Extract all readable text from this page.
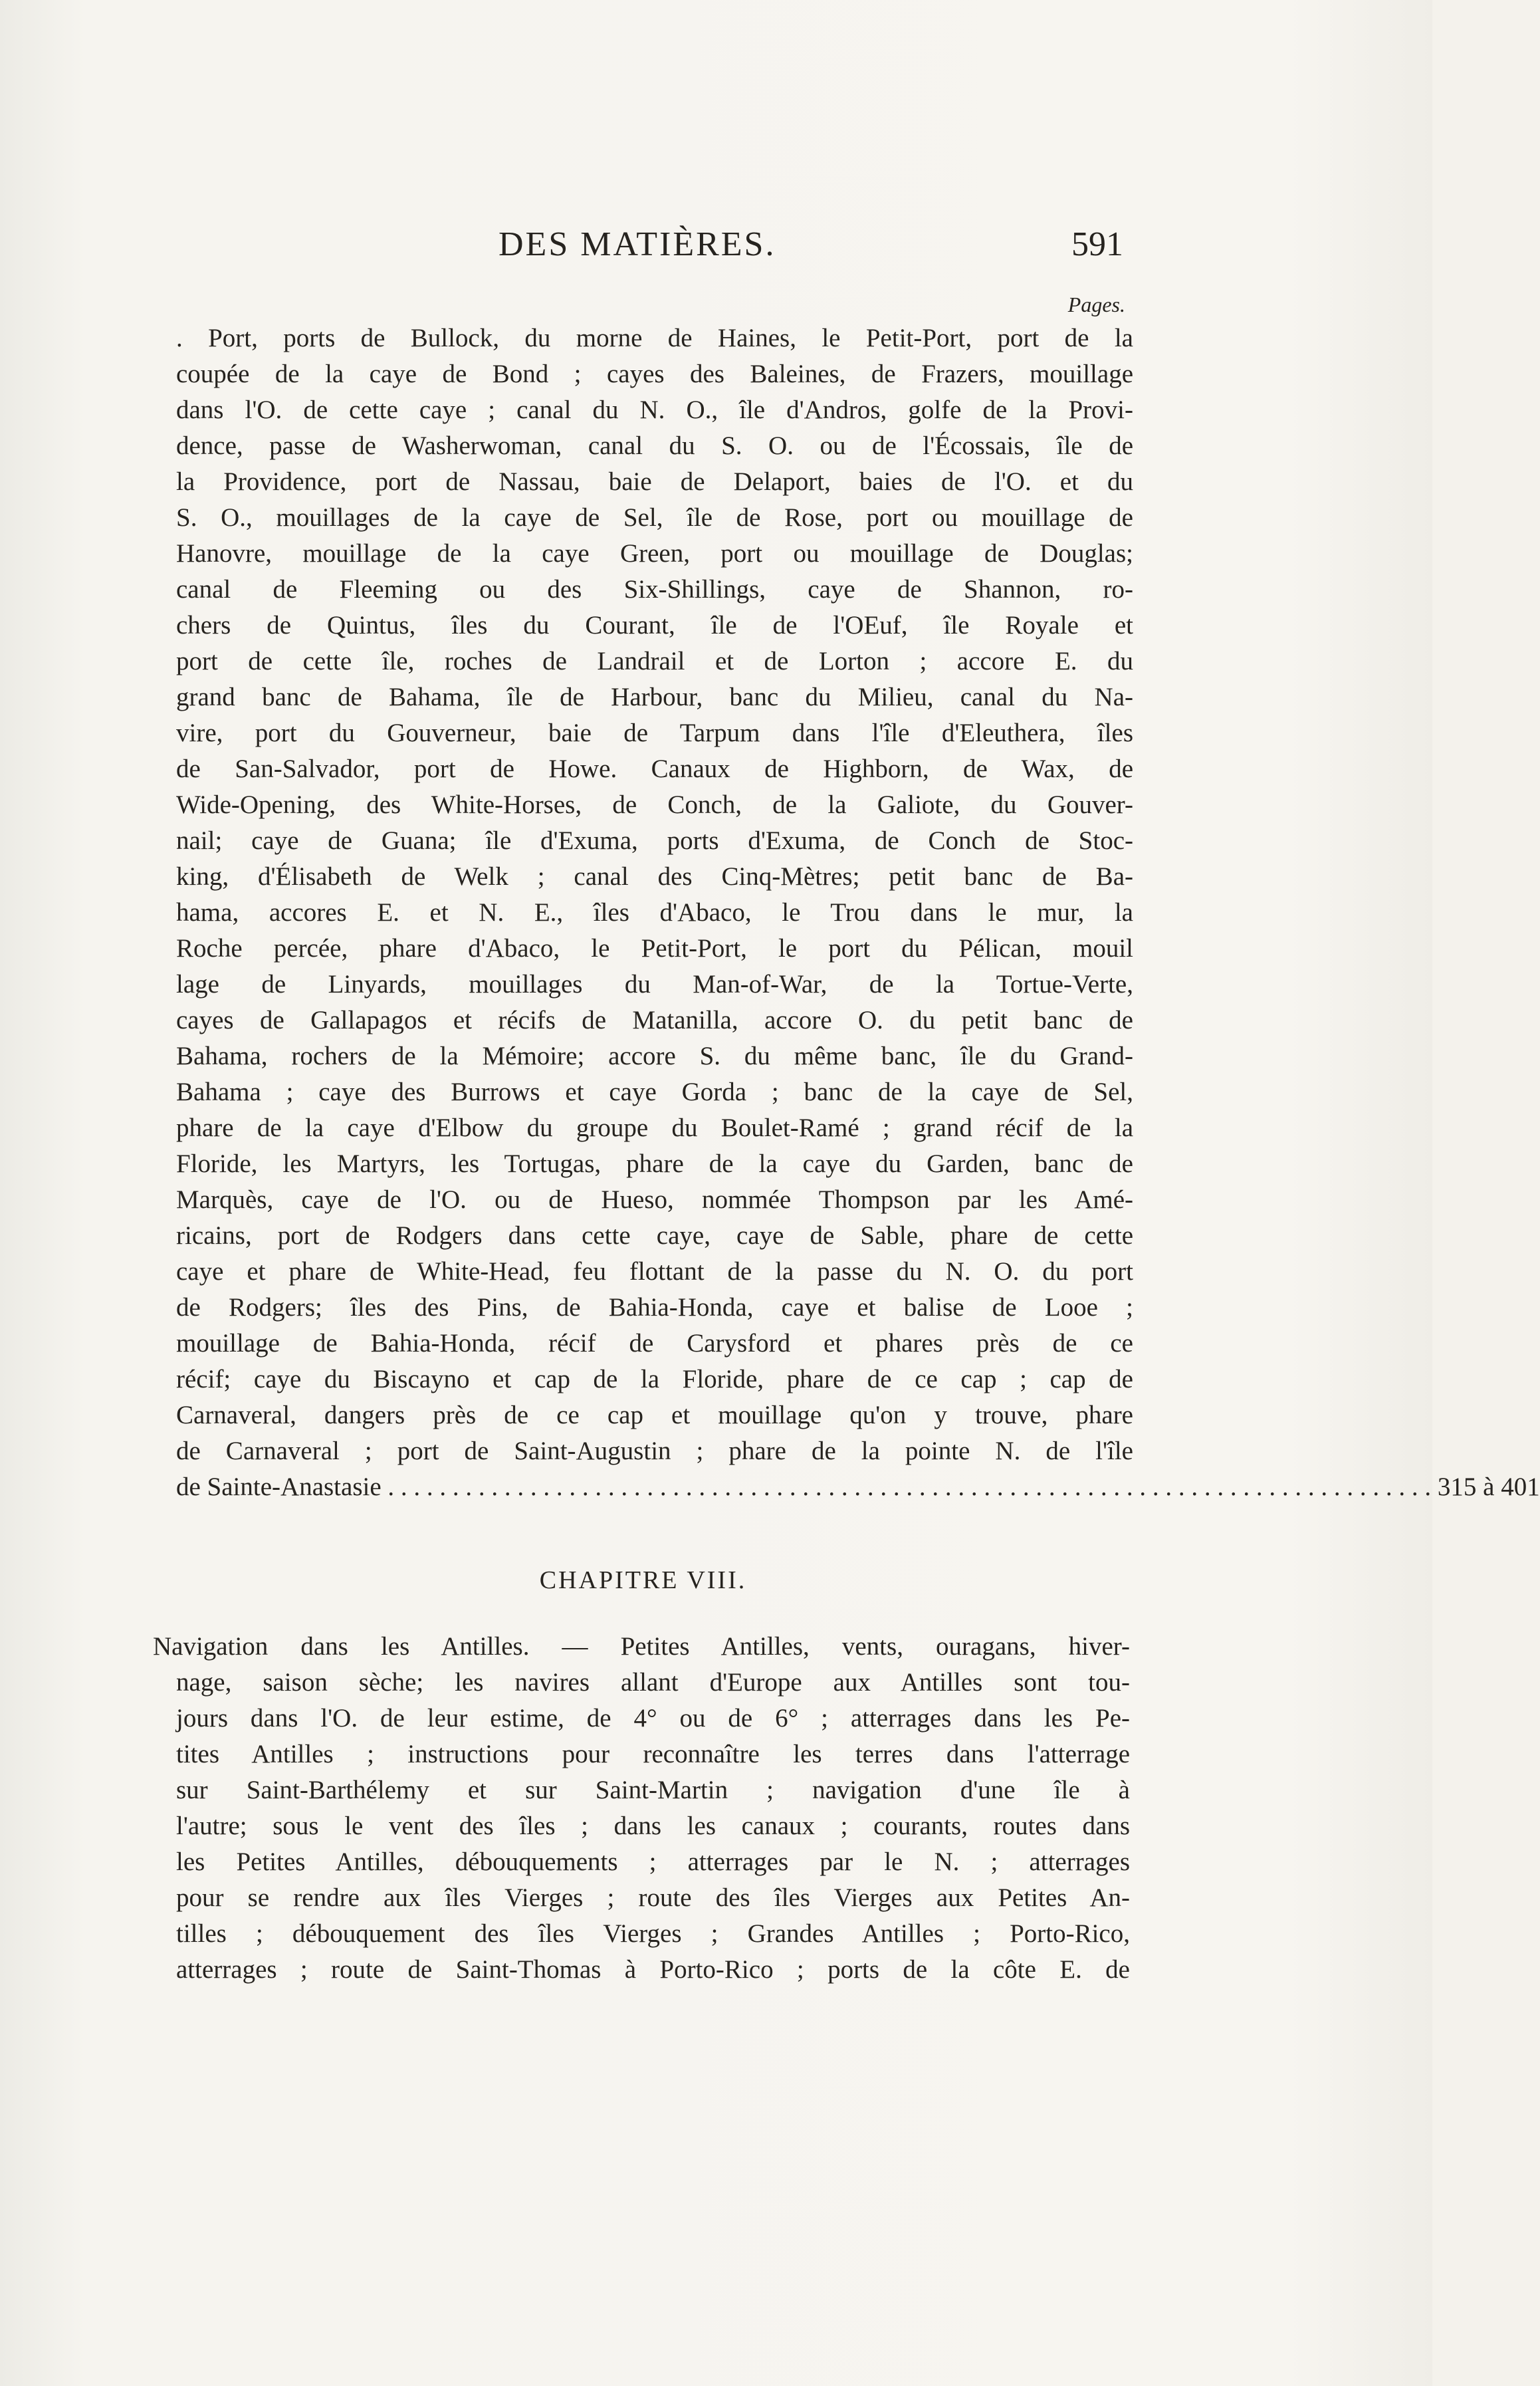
DES MATIÈRES.	591
Pages.
. Port, ports de Bullock, du morne de Haines, le Petit-Port, port de la
coupée de la caye de Bond ; cayes des Baleines, de Frazers, mouillage
dans l'O. de cette caye ; canal du N. O., île d'Andros, golfe de la Provi-
dence, passe de Washerwoman, canal du S. O. ou de l'Écossais, île de
la Providence, port de Nassau, baie de Delaport, baies de l'O. et du
S. O., mouillages de la caye de Sel, île de Rose, port ou mouillage de
Hanovre, mouillage de la caye Green, port ou mouillage de Douglas;
canal de Fleeming ou des Six-Shillings, caye de Shannon, ro-
chers de Quintus, îles du Courant, île de l'OEuf, île Royale et
port de cette île, roches de Landrail et de Lorton ; accore E. du
grand banc de Bahama, île de Harbour, banc du Milieu, canal du Na-
vire, port du Gouverneur, baie de Tarpum dans l'île d'Eleuthera, îles
de San-Salvador, port de Howe. Canaux de Highborn, de Wax, de
Wide-Opening, des White-Horses, de Conch, de la Galiote, du Gouver-
nail; caye de Guana; île d'Exuma, ports d'Exuma, de Conch de Stoc-
king, d'Élisabeth de Welk ; canal des Cinq-Mètres; petit banc de Ba-
hama, accores E. et N. E., îles d'Abaco, le Trou dans le mur, la
Roche percée, phare d'Abaco, le Petit-Port, le port du Pélican, mouil
lage de Linyards, mouillages du Man-of-War, de la Tortue-Verte,
cayes de Gallapagos et récifs de Matanilla, accore O. du petit banc de
Bahama, rochers de la Mémoire; accore S. du même banc, île du Grand-
Bahama ; caye des Burrows et caye Gorda ; banc de la caye de Sel,
phare de la caye d'Elbow du groupe du Boulet-Ramé ; grand récif de la
Floride, les Martyrs, les Tortugas, phare de la caye du Garden, banc de
Marquès, caye de l'O. ou de Hueso, nommée Thompson par les Amé-
ricains, port de Rodgers dans cette caye, caye de Sable, phare de cette
caye et phare de White-Head, feu flottant de la passe du N. O. du port
de Rodgers; îles des Pins, de Bahia-Honda, caye et balise de Looe ;
mouillage de Bahia-Honda, récif de Carysford et phares près de ce
récif; caye du Biscayno et cap de la Floride, phare de ce cap ; cap de
Carnaveral, dangers près de ce cap et mouillage qu'on y trouve, phare
de Carnaveral ; port de Saint-Augustin ; phare de la pointe N. de l'île
de Sainte-Anastasie . . .	315 à 401
CHAPITRE VIII.
Navigation dans les Antilles. — Petites Antilles, vents, ouragans, hiver-
nage, saison sèche; les navires allant d'Europe aux Antilles sont tou-
jours dans l'O. de leur estime, de 4° ou de 6° ; atterrages dans les Pe-
tites Antilles ; instructions pour reconnaître les terres dans l'atterrage
sur Saint-Barthélemy et sur Saint-Martin ; navigation d'une île à
l'autre; sous le vent des îles ; dans les canaux ; courants, routes dans
les Petites Antilles, débouquements ; atterrages par le N. ; atterrages
pour se rendre aux îles Vierges ; route des îles Vierges aux Petites An-
tilles ; débouquement des îles Vierges ; Grandes Antilles ; Porto-Rico,
atterrages ; route de Saint-Thomas à Porto-Rico ; ports de la côte E. de
